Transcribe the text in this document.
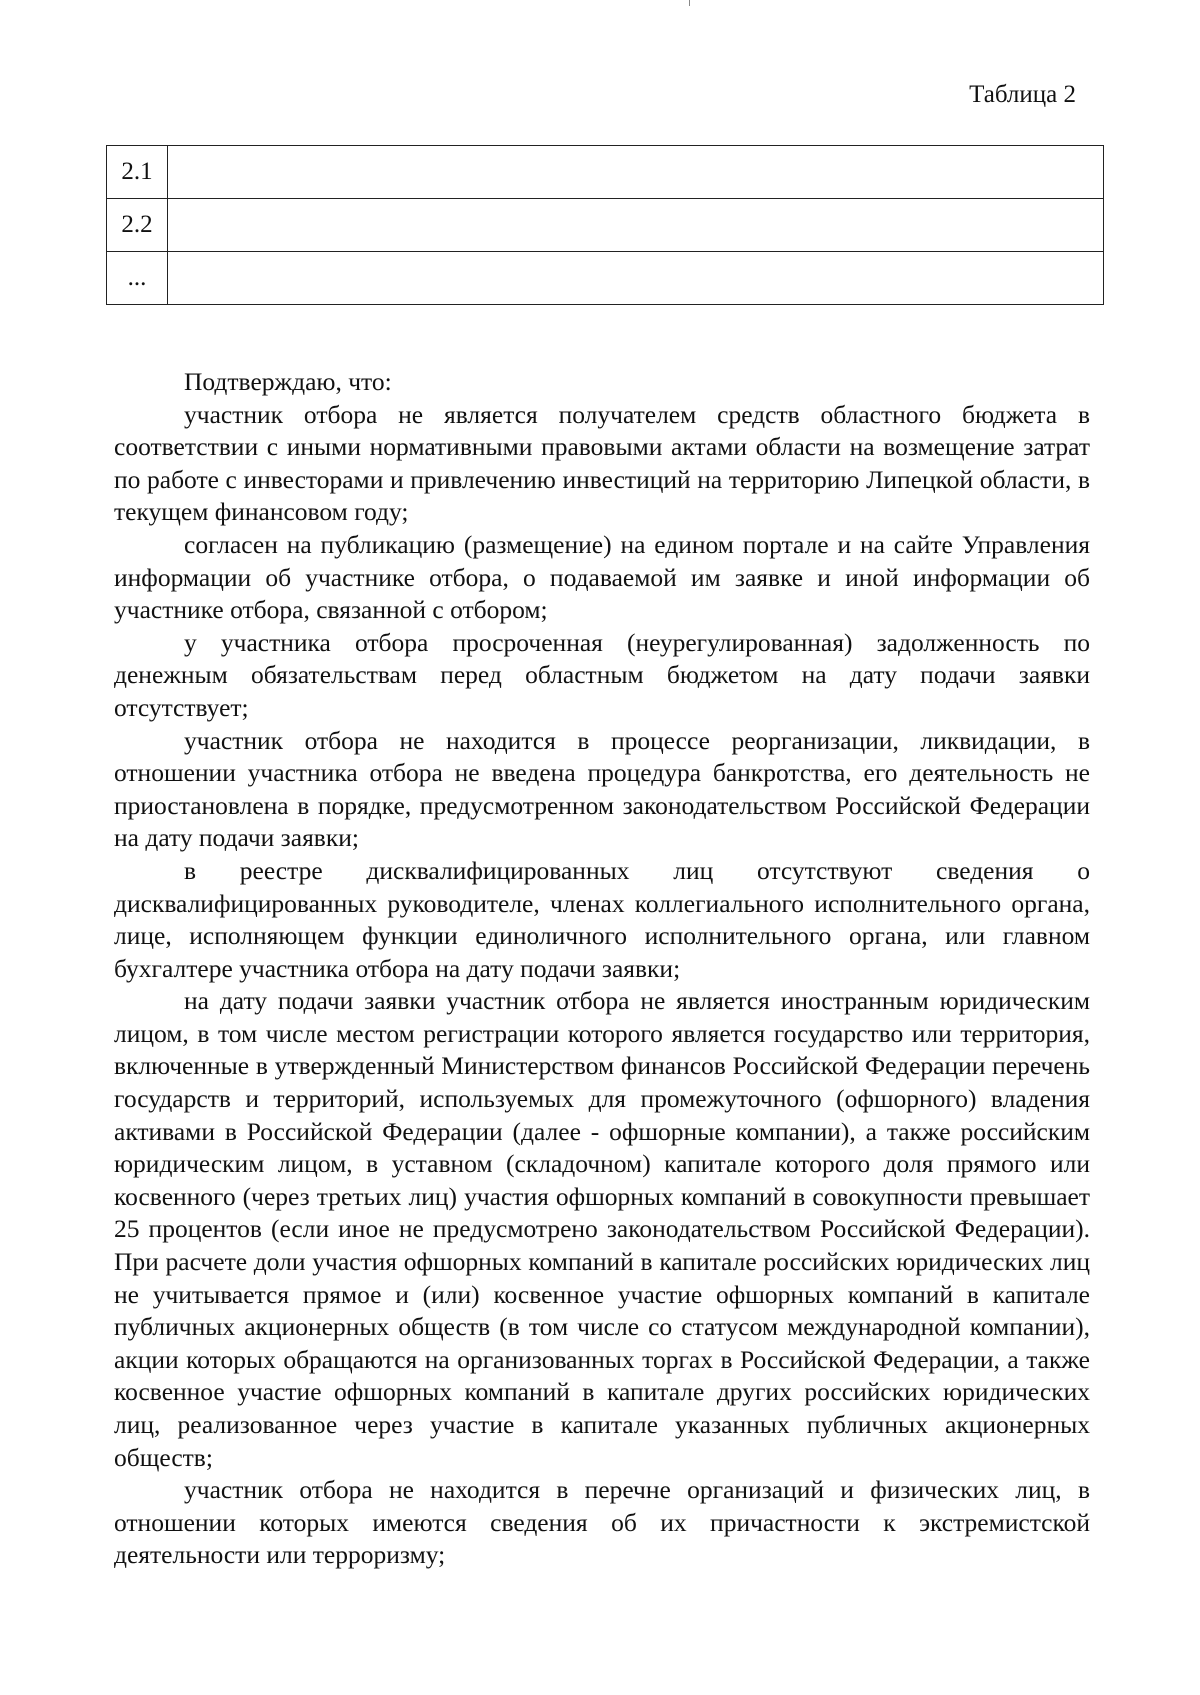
Таблица 2
2.1	
2.2	
...	

Подтверждаю, что:

участник отбора не является получателем средств областного бюджета в соответствии с иными нормативными правовыми актами области на возмещение затрат по работе с инвесторами и привлечению инвестиций на территорию Липецкой области, в текущем финансовом году;

согласен на публикацию (размещение) на едином портале и на сайте Управления информации об участнике отбора, о подаваемой им заявке и иной информации об участнике отбора, связанной с отбором;

у участника отбора просроченная (неурегулированная) задолженность по денежным обязательствам перед областным бюджетом на дату подачи заявки отсутствует;

участник отбора не находится в процессе реорганизации, ликвидации, в отношении участника отбора не введена процедура банкротства, его деятельность не приостановлена в порядке, предусмотренном законодательством Российской Федерации на дату подачи заявки;

в реестре дисквалифицированных лиц отсутствуют сведения о дисквалифицированных руководителе, членах коллегиального исполнительного органа, лице, исполняющем функции единоличного исполнительного органа, или главном бухгалтере участника отбора на дату подачи заявки;

на дату подачи заявки участник отбора не является иностранным юридическим лицом, в том числе местом регистрации которого является государство или территория, включенные в утвержденный Министерством финансов Российской Федерации перечень государств и территорий, используемых для промежуточного (офшорного) владения активами в Российской Федерации (далее - офшорные компании), а также российским юридическим лицом, в уставном (складочном) капитале которого доля прямого или косвенного (через третьих лиц) участия офшорных компаний в совокупности превышает 25 процентов (если иное не предусмотрено законодательством Российской Федерации). При расчете доли участия офшорных компаний в капитале российских юридических лиц не учитывается прямое и (или) косвенное участие офшорных компаний в капитале публичных акционерных обществ (в том числе со статусом международной компании), акции которых обращаются на организованных торгах в Российской Федерации, а также косвенное участие офшорных компаний в капитале других российских юридических лиц, реализованное через участие в капитале указанных публичных акционерных обществ;

участник отбора не находится в перечне организаций и физических лиц, в отношении которых имеются сведения об их причастности к экстремистской деятельности или терроризму;
